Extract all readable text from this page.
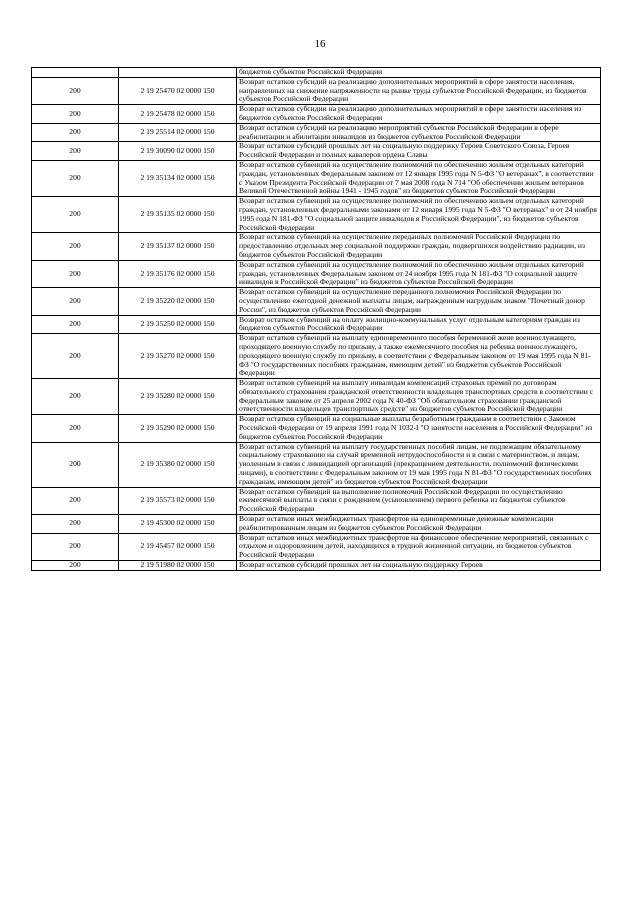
16
		бюджетов субъектов Российской Федерации
200	2 19 25470 02 0000 150	Возврат остатков субсидий на реализацию дополнительных мероприятий в сфере занятости населения, направленных на снижение напряженности на рынке труда субъектов Российской Федерации, из бюджетов субъектов Российской Федерации
200	2 19 25478 02 0000 150	Возврат остатков субсидии на реализацию дополнительных мероприятий в сфере занятости населения из бюджетов субъектов Российской Федерации
200	2 19 25514 02 0000 150	Возврат остатков субсидий на реализацию мероприятий субъектов Российской Федерации в сфере реабилитации и абилитации инвалидов из бюджетов субъектов Российской Федерации
200	2 19 30090 02 0000 150	Возврат остатков субсидий прошлых лет на социальную поддержку Героев Советского Союза, Героев Российской Федерации и полных кавалеров ордена Славы
200	2 19 35134 02 0000 150	Возврат остатков субвенций на осуществление полномочий по обеспечению жильем отдельных категорий граждан, установленных Федеральным законом от 12 января 1995 года N 5-ФЗ "О ветеранах", в соответствии с Указом Президента Российской Федерации от 7 мая 2008 года N 714 "Об обеспечении жильем ветеранов Великой Отечественной войны 1941 - 1945 годов" из бюджетов субъектов Российской Федерации
200	2 19 35135 02 0000 150	Возврат остатков субвенций на осуществление полномочий по обеспечению жильем отдельных категорий граждан, установленных федеральными законами от 12 января 1995 года N 5-ФЗ "О ветеранах" и от 24 ноября 1995 года N 181-ФЗ "О социальной защите инвалидов в Российской Федерации", из бюджетов субъектов Российской Федерации
200	2 19 35137 02 0000 150	Возврат остатков субвенций на осуществление переданных полномочий Российской Федерации по предоставлению отдельных мер социальной поддержки граждан, подвергшихся воздействию радиации, из бюджетов субъектов Российской Федерации
200	2 19 35176 02 0000 150	Возврат остатков субвенций на осуществление полномочий по обеспечению жильем отдельных категорий граждан, установленных Федеральным законом от 24 ноября 1995 года N 181-ФЗ "О социальной защите инвалидов в Российской Федерации" из бюджетов субъектов Российской Федерации
200	2 19 35220 02 0000 150	Возврат остатков субвенций на осуществление переданного полномочия Российской Федерации по осуществлению ежегодной денежной выплаты лицам, награжденным нагрудным знаком "Почетный донор России", из бюджетов субъектов Российской Федерации
200	2 19 35250 02 0000 150	Возврат остатков субвенций на оплату жилищно-коммунальных услуг отдельным категориям граждан из бюджетов субъектов Российской Федерации
200	2 19 35270 02 0000 150	Возврат остатков субвенций на выплату единовременного пособия беременной жене военнослужащего, проходящего военную службу по призыву, а также ежемесячного пособия на ребенка военнослужащего, проходящего военную службу по призыву, в соответствии с Федеральным законом от 19 мая 1995 года N 81-ФЗ "О государственных пособиях гражданам, имеющим детей" из бюджетов субъектов Российской Федерации
200	2 19 35280 02 0000 150	Возврат остатков субвенций на выплату инвалидам компенсаций страховых премий по договорам обязательного страхования гражданской ответственности владельцев транспортных средств в соответствии с Федеральным законом от 25 апреля 2002 года N 40-ФЗ "Об обязательном страховании гражданской ответственности владельцев транспортных средств" из бюджетов субъектов Российской Федерации
200	2 19 35290 02 0000 150	Возврат остатков субвенций на социальные выплаты безработным гражданам в соответствии с Законом Российской Федерации от 19 апреля 1991 года N 1032-I "О занятости населения в Российской Федерации" из бюджетов субъектов Российской Федерации
200	2 19 35380 02 0000 150	Возврат остатков субвенций на выплату государственных пособий лицам, не подлежащим обязательному социальному страхованию на случай временной нетрудоспособности и в связи с материнством, и лицам, уволенным в связи с ликвидацией организаций (прекращением деятельности, полномочий физическими лицами), в соответствии с Федеральным законом от 19 мая 1995 года N 81-ФЗ "О государственных пособиях гражданам, имеющим детей" из бюджетов субъектов Российской Федерации
200	2 19 35573 02 0000 150	Возврат остатков субвенций на выполнение полномочий Российской Федерации по осуществлению ежемесячной выплаты в связи с рождением (усыновлением) первого ребенка из бюджетов субъектов Российской Федерации
200	2 19 45300 02 0000 150	Возврат остатков иных межбюджетных трансфертов на единовременные денежные компенсации реабилитированным лицам из бюджетов субъектов Российской Федерации
200	2 19 45457 02 0000 150	Возврат остатков иных межбюджетных трансфертов на финансовое обеспечение мероприятий, связанных с отдыхом и оздоровлением детей, находящихся в трудной жизненной ситуации, из бюджетов субъектов Российской Федерации
200	2 19 51980 02 0000 150	Возврат остатков субсидий прошлых лет на социальную поддержку Героев
